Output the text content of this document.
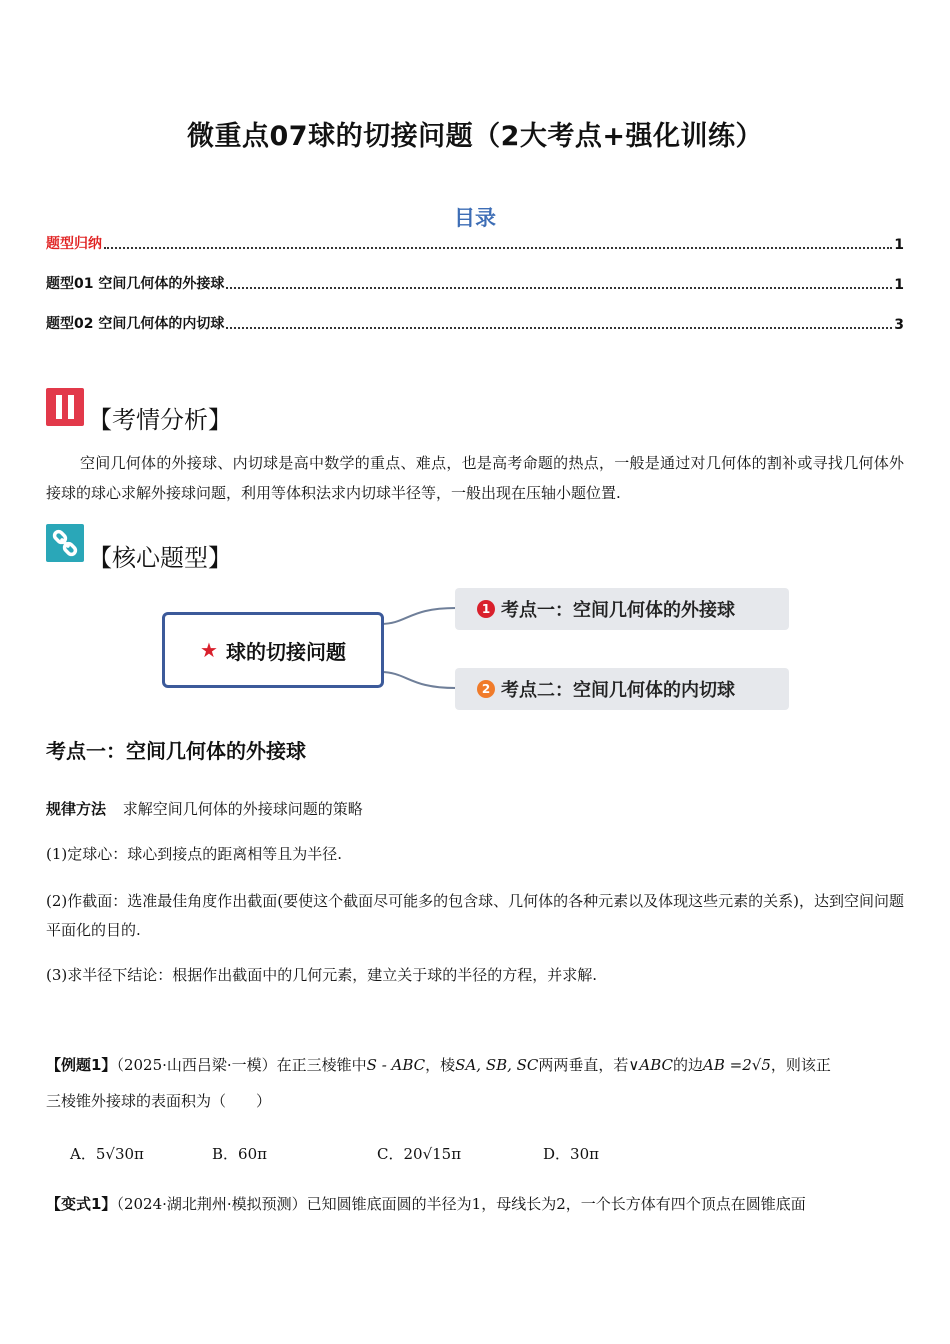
微重点07球的切接问题（2大考点+强化训练）
目录
题型归纳	1
题型01 空间几何体的外接球	1
题型02 空间几何体的内切球	3
【考情分析】
空间几何体的外接球、内切球是高中数学的重点、难点，也是高考命题的热点，一般是通过对几何体的割补或寻找几何体外接球的球心求解外接球问题，利用等体积法求内切球半径等，一般出现在压轴小题位置.
【核心题型】
★ 球的切接问题
1 考点一：空间几何体的外接球
2 考点二：空间几何体的内切球
考点一：空间几何体的外接球
规律方法 求解空间几何体的外接球问题的策略
(1)定球心：球心到接点的距离相等且为半径.
(2)作截面：选准最佳角度作出截面(要使这个截面尽可能多的包含球、几何体的各种元素以及体现这些元素的关系)，达到空间问题平面化的目的.
(3)求半径下结论：根据作出截面中的几何元素，建立关于球的半径的方程，并求解.
【例题1】（2025·山西吕梁·一模）在正三棱锥中S - ABC，棱SA, SB, SC两两垂直，若∨ABC的边AB =2√5，则该正
三棱锥外接球的表面积为（　　）
A．5√30π	B．60π	C．20√15π	D．30π
【变式1】（2024·湖北荆州·模拟预测）已知圆锥底面圆的半径为1，母线长为2，一个长方体有四个顶点在圆锥底面
